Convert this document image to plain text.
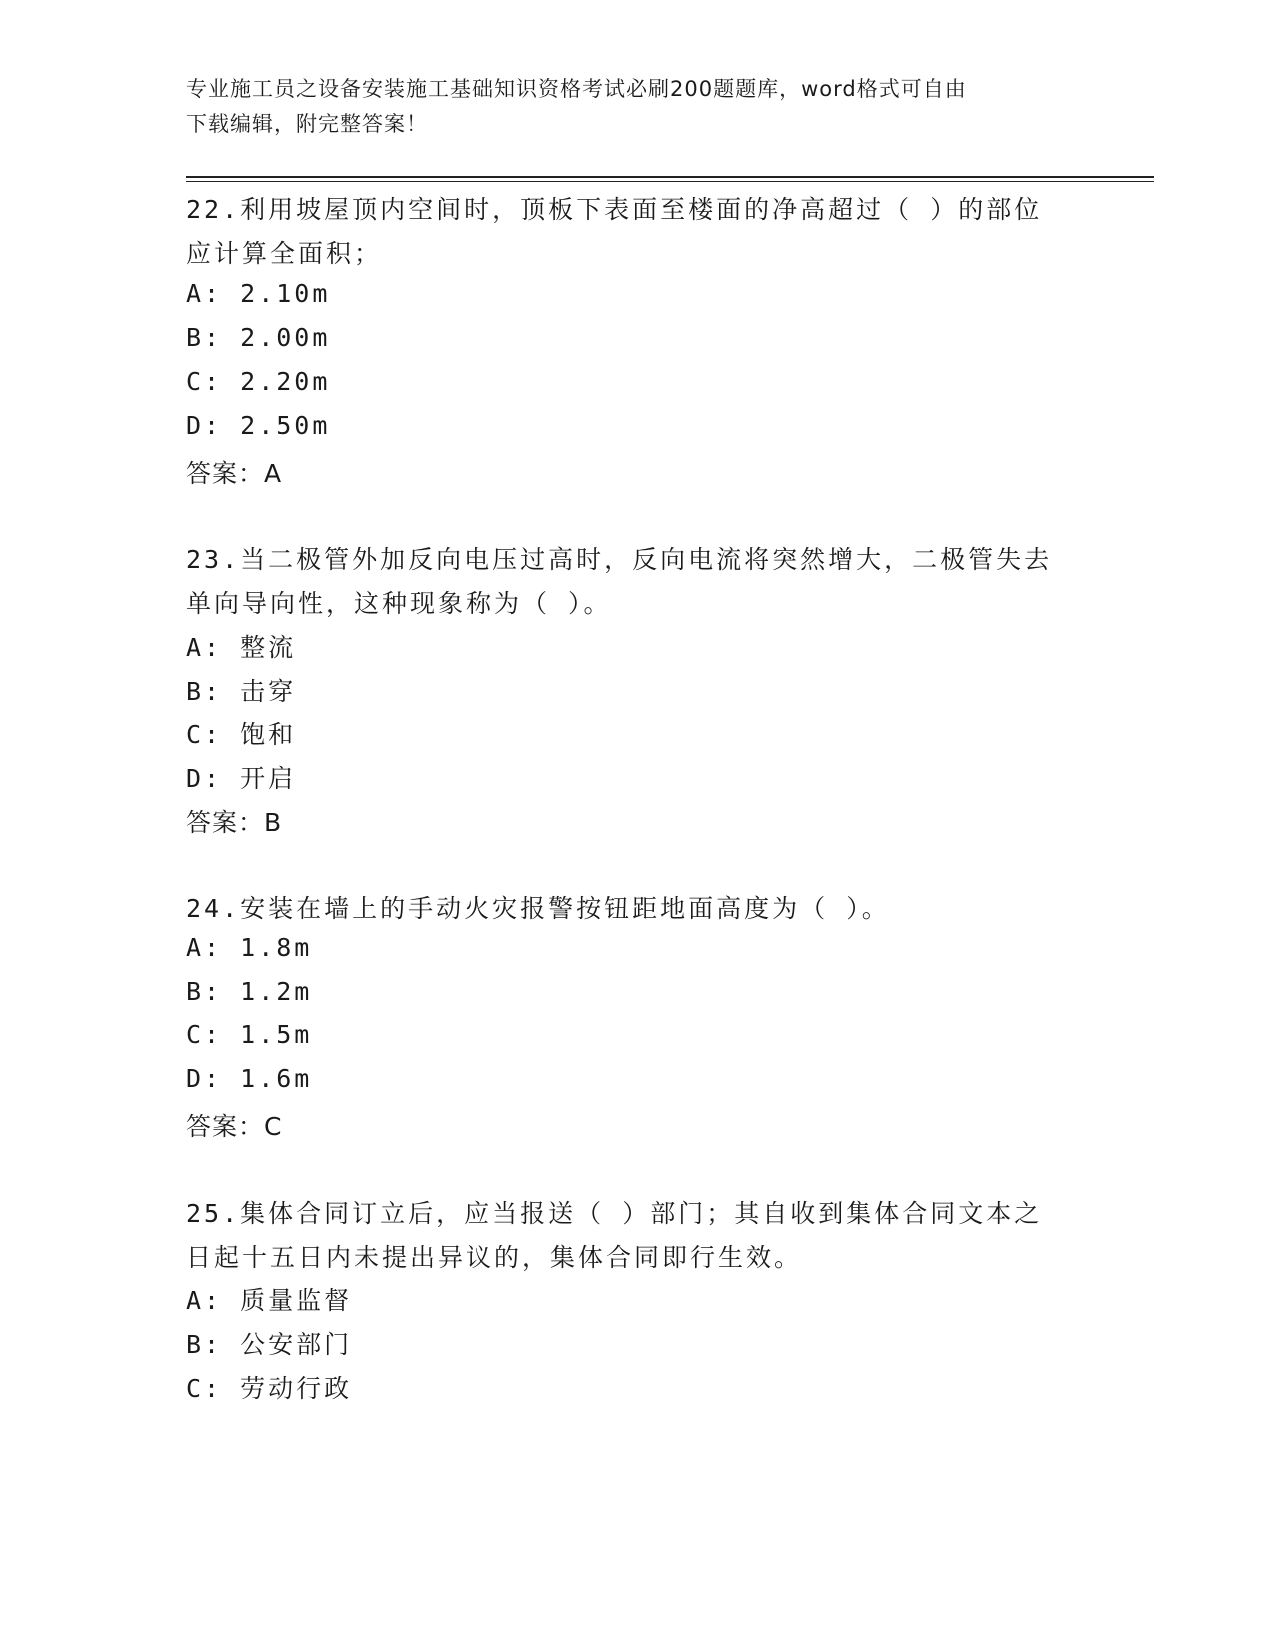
专业施工员之设备安装施工基础知识资格考试必刷200题题库，word格式可自由
下载编辑，附完整答案！
22.利用坡屋顶内空间时，顶板下表面至楼面的净高超过（ ）的部位
应计算全面积；
A: 2.10m
B: 2.00m
C: 2.20m
D: 2.50m
答案：A
23.当二极管外加反向电压过高时，反向电流将突然增大，二极管失去
单向导向性，这种现象称为（ ）。
A: 整流
B: 击穿
C: 饱和
D: 开启
答案：B
24.安装在墙上的手动火灾报警按钮距地面高度为（ ）。
A: 1.8m
B: 1.2m
C: 1.5m
D: 1.6m
答案：C
25.集体合同订立后，应当报送（ ）部门；其自收到集体合同文本之
日起十五日内未提出异议的，集体合同即行生效。
A: 质量监督
B: 公安部门
C: 劳动行政
